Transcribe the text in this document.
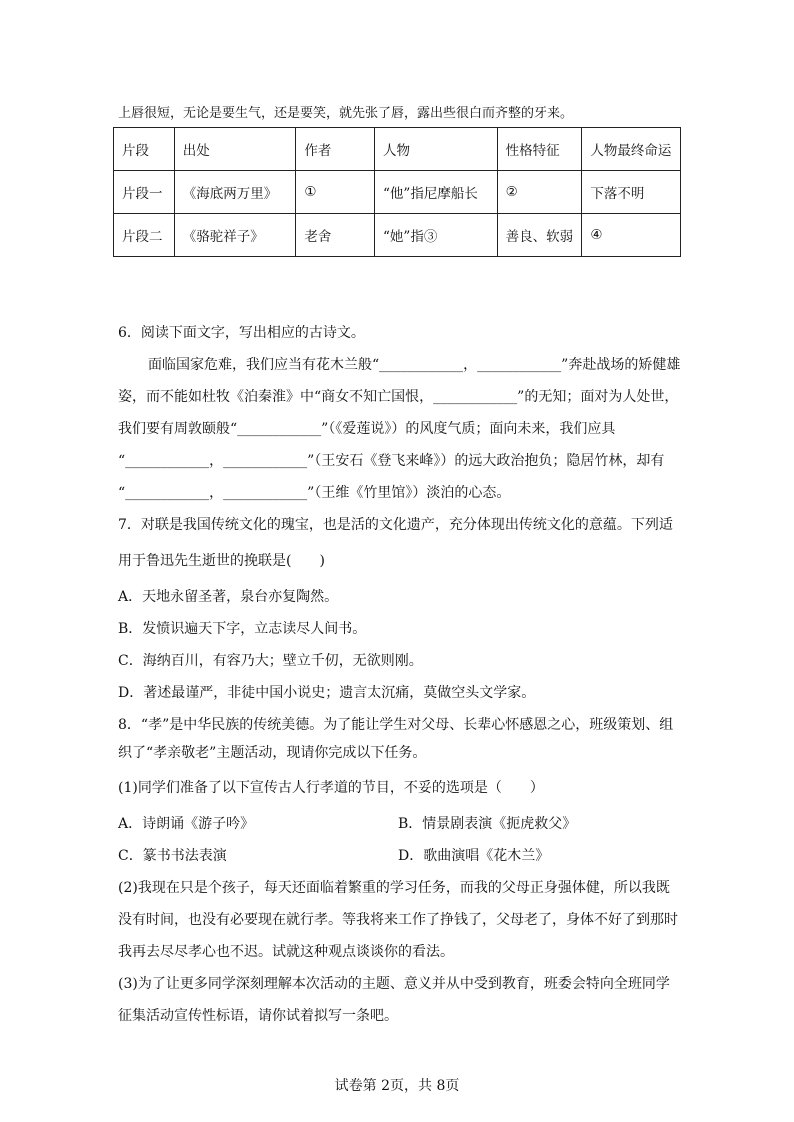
上唇很短，无论是要生气，还是要笑，就先张了唇，露出些很白而齐整的牙来。
片段	出处	作者	人物	性格特征	人物最终命运
片段一	《海底两万里》	①	“他”指尼摩船长	②	下落不明
片段二	《骆驼祥子》	老舍	“她”指③	善良、软弱	④
6．阅读下面文字，写出相应的古诗文。
面临国家危难，我们应当有花木兰般“____________，____________”奔赴战场的矫健雄
姿，而不能如杜牧《泊秦淮》中“商女不知亡国恨，____________”的无知；面对为人处世，
我们要有周敦颐般“____________”（《爱莲说》）的风度气质；面向未来，我们应具
“____________，____________”（王安石《登飞来峰》）的远大政治抱负；隐居竹林，却有
“____________，____________”（王维《竹里馆》）淡泊的心态。
7．对联是我国传统文化的瑰宝，也是活的文化遗产，充分体现出传统文化的意蕴。下列适
用于鲁迅先生逝世的挽联是(　　)
A．天地永留圣著，泉台亦复陶然。
B．发愤识遍天下字，立志读尽人间书。
C．海纳百川，有容乃大；壁立千仞，无欲则刚。
D．著述最谨严，非徒中国小说史；遗言太沉痛，莫做空头文学家。
8．“孝”是中华民族的传统美德。为了能让学生对父母、长辈心怀感恩之心，班级策划、组
织了“孝亲敬老”主题活动，现请你完成以下任务。
(1)同学们准备了以下宣传古人行孝道的节目，不妥的选项是（　　）
A．诗朗诵《游子吟》	B．情景剧表演《扼虎救父》
C．篆书书法表演	D．歌曲演唱《花木兰》
(2)我现在只是个孩子，每天还面临着繁重的学习任务，而我的父母正身强体健，所以我既
没有时间，也没有必要现在就行孝。等我将来工作了挣钱了，父母老了，身体不好了到那时
我再去尽尽孝心也不迟。试就这种观点谈谈你的看法。
(3)为了让更多同学深刻理解本次活动的主题、意义并从中受到教育，班委会特向全班同学
征集活动宣传性标语，请你试着拟写一条吧。
试卷第 2页，共 8页
